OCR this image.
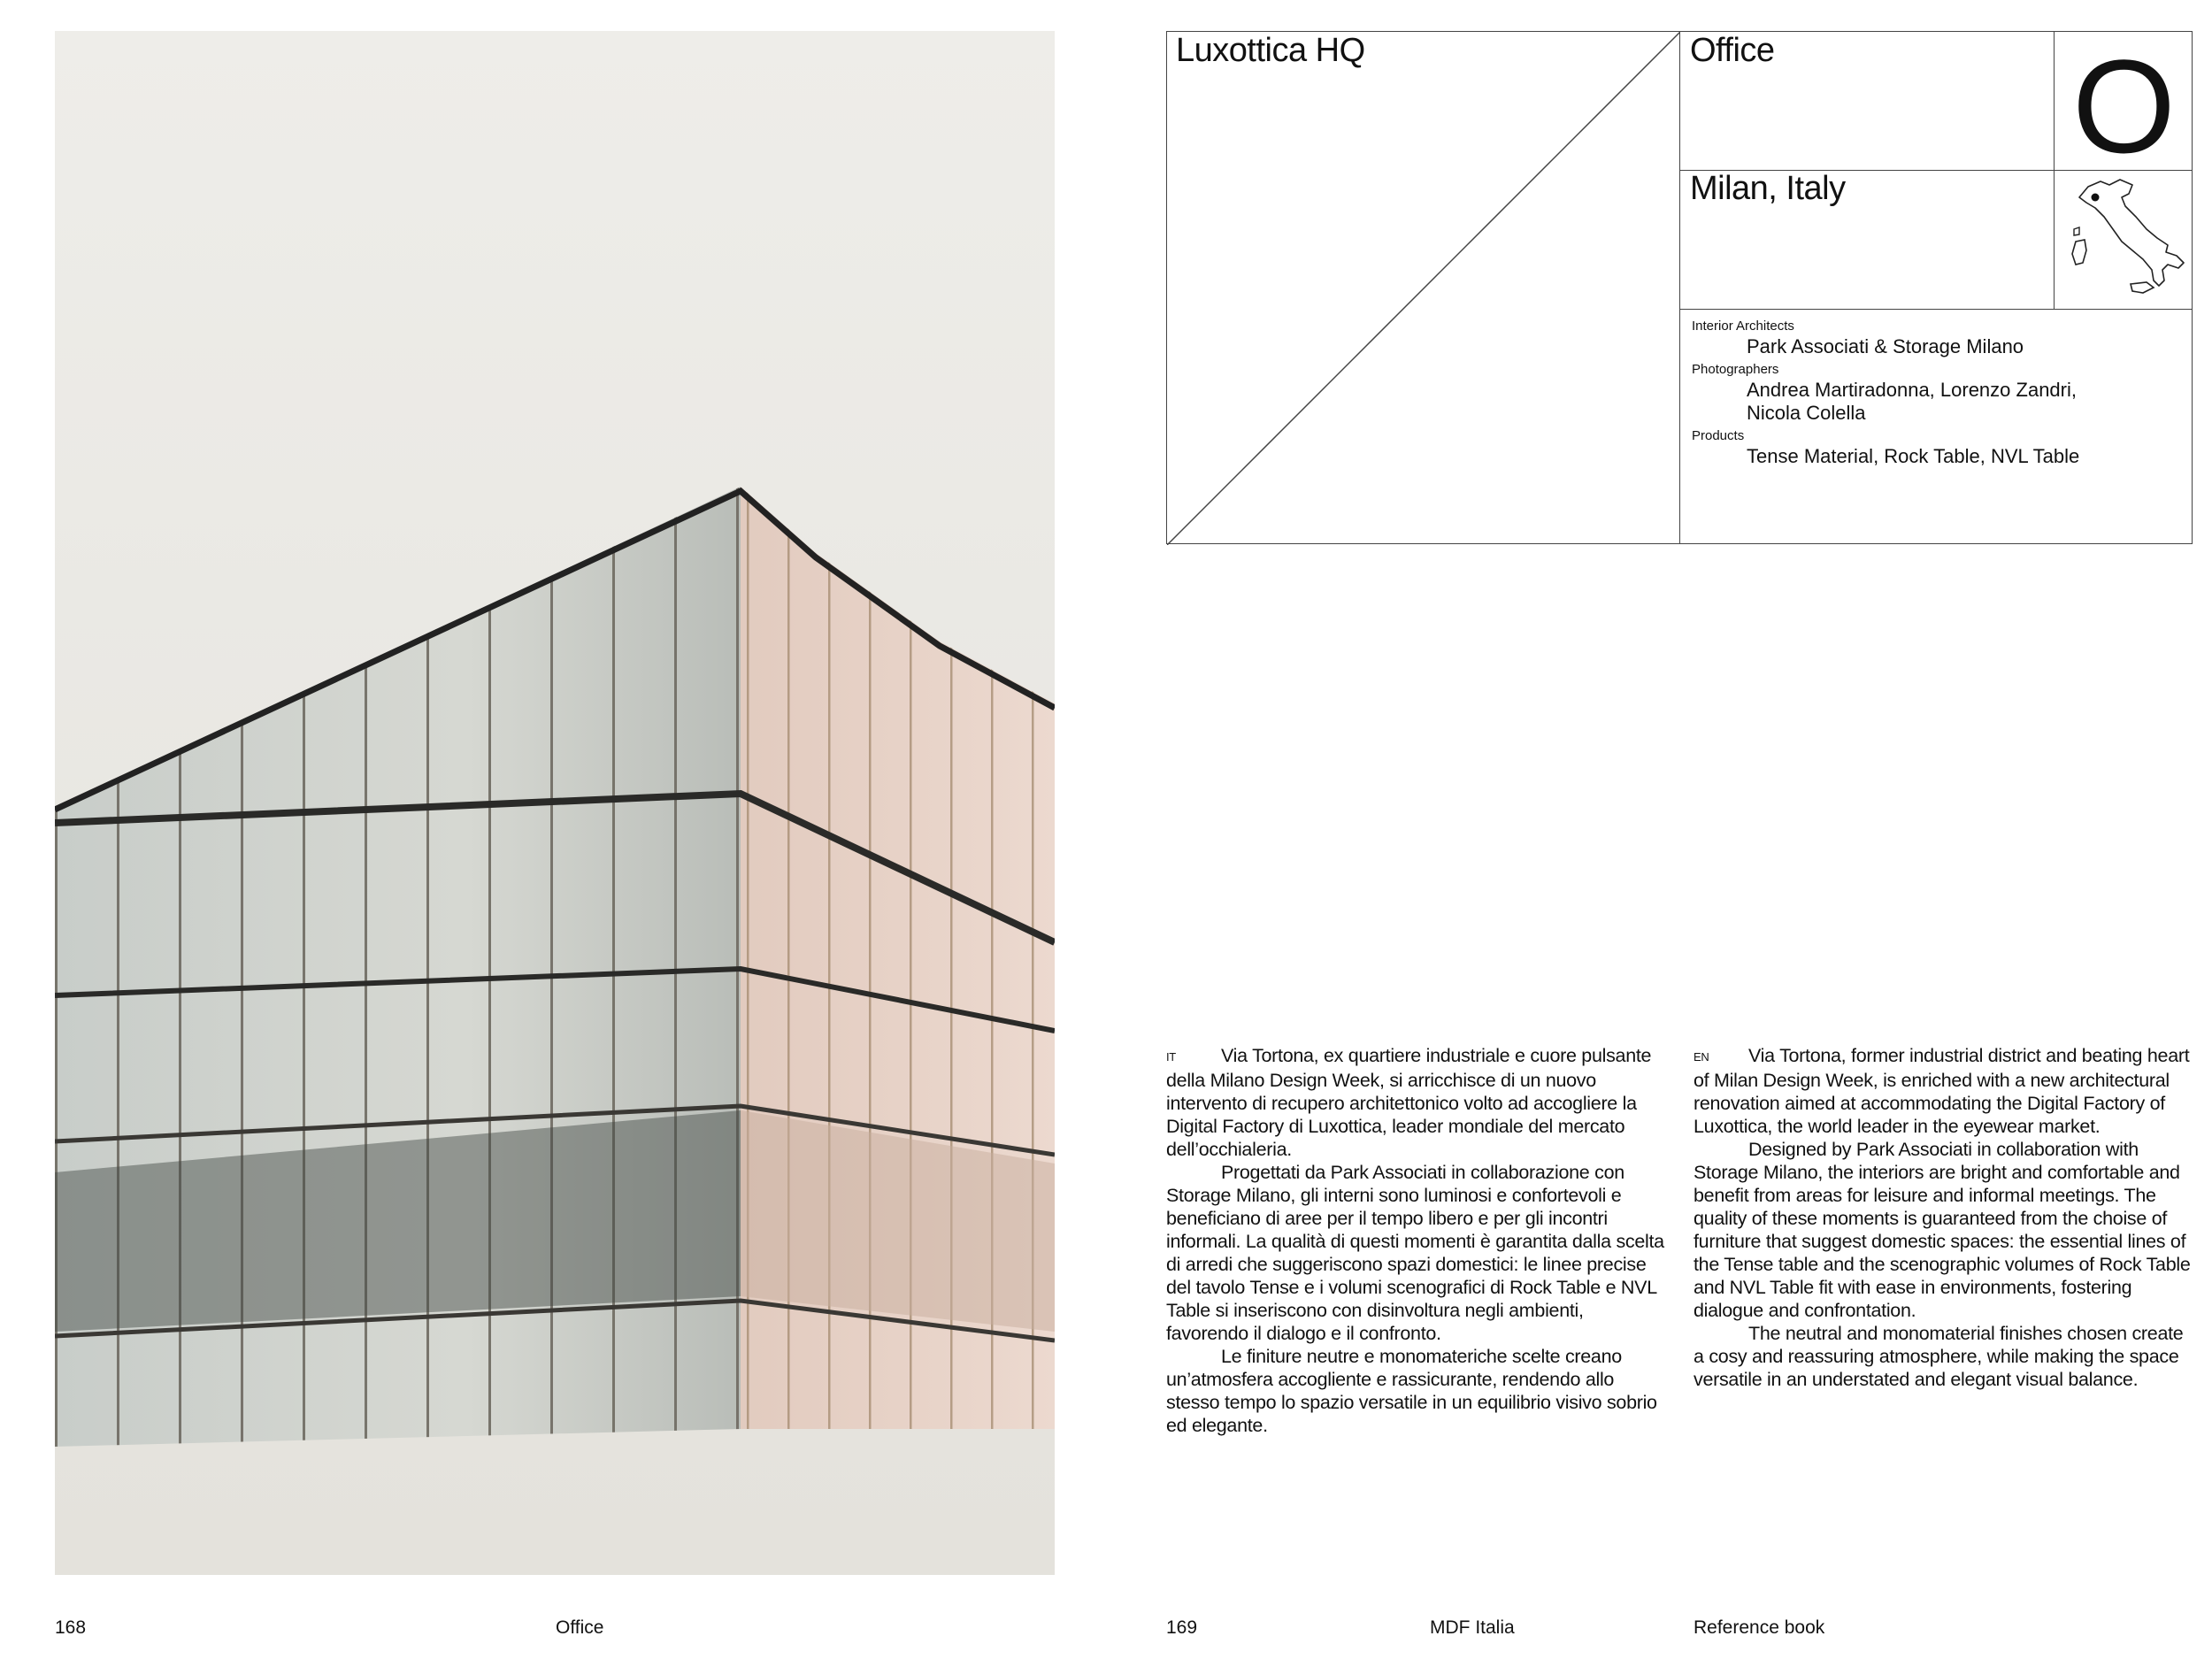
168	Office
Luxottica HQ	Office O
Milan, Italy
Interior Architects
Park Associati & Storage Milano
Photographers
Andrea Martiradonna, Lorenzo Zandri, Nicola Colella
Products
Tense Material, Rock Table, NVL Table

IT Via Tortona, ex quartiere industriale e cuore pulsante della Milano Design Week, si arricchisce di un nuovo intervento di recupero architettonico volto ad accogliere la Digital Factory di Luxottica, leader mondiale del mercato dell’occhialeria.

Progettati da Park Associati in collaborazione con Storage Milano, gli interni sono luminosi e confortevoli e beneficiano di aree per il tempo libero e per gli incontri informali. La qualità di questi momenti è garantita dalla scelta di arredi che suggeriscono spazi domestici: le linee precise del tavolo Tense e i volumi scenografici di Rock Table e NVL Table si inseriscono con disinvoltura negli ambienti, favorendo il dialogo e il confronto.

Le finiture neutre e monomateriche scelte creano un’atmosfera accogliente e rassicurante, rendendo allo stesso tempo lo spazio versatile in un equilibrio visivo sobrio ed elegante.

EN Via Tortona, former industrial district and beating heart of Milan Design Week, is enriched with a new architectural renovation aimed at accommodating the Digital Factory of Luxottica, the world leader in the eyewear market.

Designed by Park Associati in collaboration with Storage Milano, the interiors are bright and comfortable and benefit from areas for leisure and informal meetings. The quality of these moments is guaranteed from the choise of furniture that suggest domestic spaces: the essential lines of the Tense table and the scenographic volumes of Rock Table and NVL Table fit with ease in environments, fostering dialogue and confrontation.

The neutral and monomaterial finishes chosen create a cosy and reassuring atmosphere, while making the space versatile in an understated and elegant visual balance.

169	MDF Italia	Reference book
